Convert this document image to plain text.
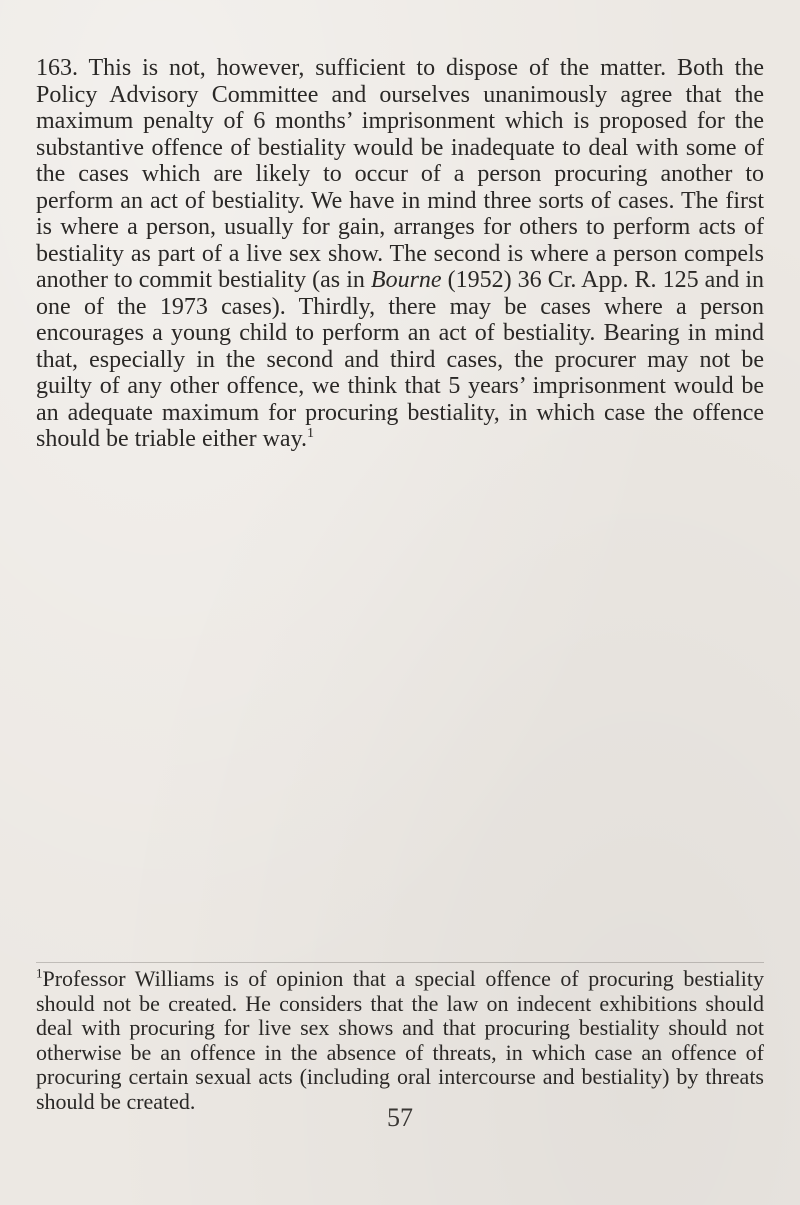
163. This is not, however, sufficient to dispose of the matter. Both the Policy Advisory Committee and ourselves unanimously agree that the maximum penalty of 6 months’ imprisonment which is proposed for the substantive offence of bestiality would be inadequate to deal with some of the cases which are likely to occur of a person procuring another to perform an act of bestiality. We have in mind three sorts of cases. The first is where a person, usually for gain, arranges for others to perform acts of bestiality as part of a live sex show. The second is where a person compels another to commit bestiality (as in Bourne (1952) 36 Cr. App. R. 125 and in one of the 1973 cases). Thirdly, there may be cases where a person encourages a young child to perform an act of bestiality. Bearing in mind that, especially in the second and third cases, the procurer may not be guilty of any other offence, we think that 5 years’ imprisonment would be an adequate maximum for procuring bestiality, in which case the offence should be triable either way.$^1$

$^1$Professor Williams is of opinion that a special offence of procuring bestiality should not be created. He considers that the law on indecent exhibitions should deal with procuring for live sex shows and that procuring bestiality should not otherwise be an offence in the absence of threats, in which case an offence of procuring certain sexual acts (including oral intercourse and bestiality) by threats should be created.

57
